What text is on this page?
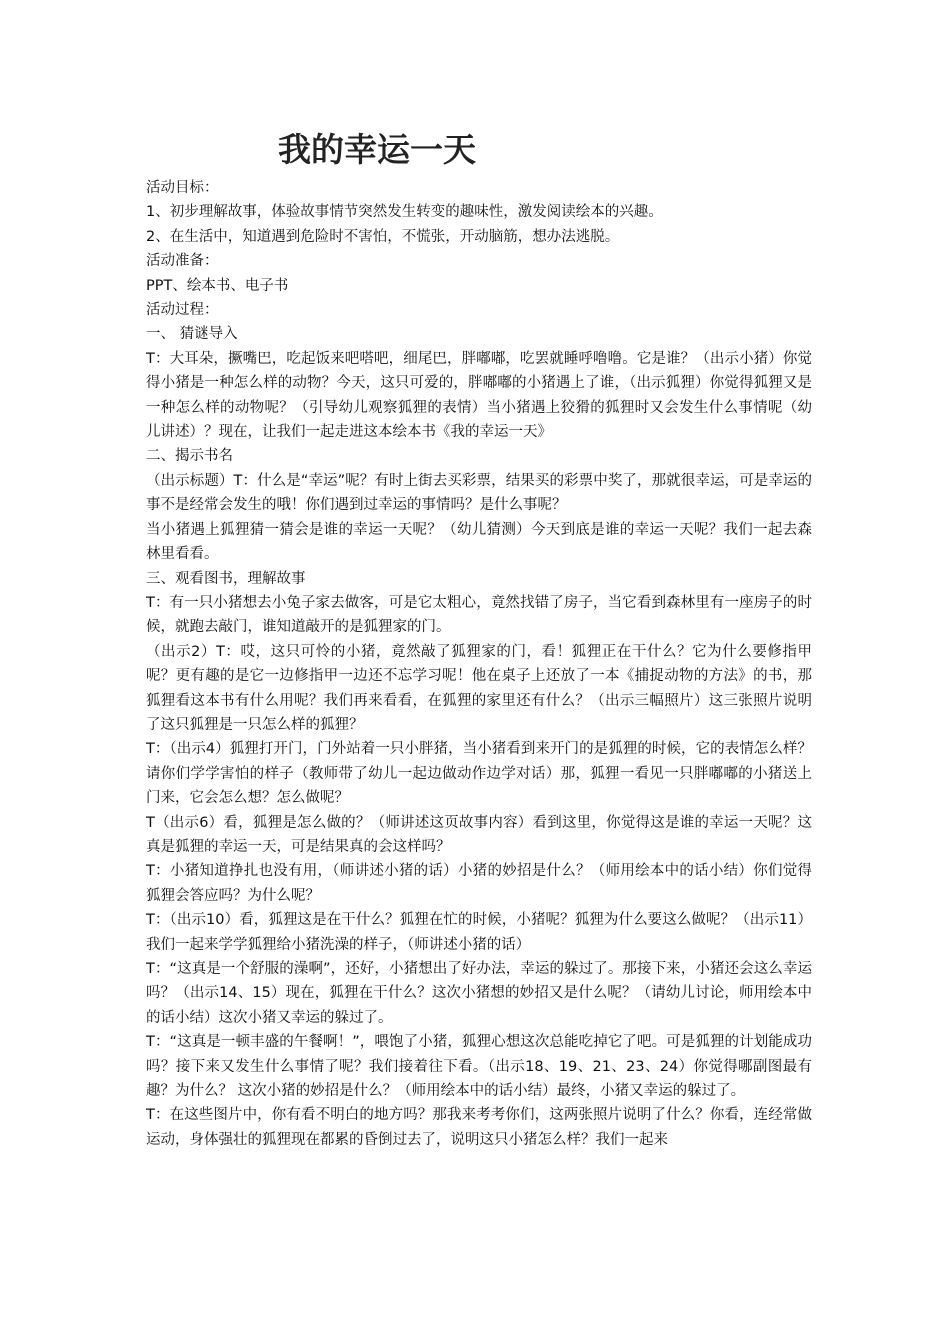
我的幸运一天

活动目标：

1、初步理解故事，体验故事情节突然发生转变的趣味性，激发阅读绘本的兴趣。

2、在生活中，知道遇到危险时不害怕，不慌张，开动脑筋，想办法逃脱。

活动准备：

PPT、绘本书、电子书

活动过程：

一、 猜谜导入

T：大耳朵，撅嘴巴，吃起饭来吧嗒吧，细尾巴，胖嘟嘟，吃罢就睡呼噜噜。它是谁？（出示小猪）你觉得小猪是一种怎么样的动物？今天，这只可爱的，胖嘟嘟的小猪遇上了谁，（出示狐狸）你觉得狐狸又是一种怎么样的动物呢？（引导幼儿观察狐狸的表情）当小猪遇上狡猾的狐狸时又会发生什么事情呢（幼儿讲述）？现在，让我们一起走进这本绘本书《我的幸运一天》

二、揭示书名

（出示标题）T：什么是“幸运”呢？有时上街去买彩票，结果买的彩票中奖了，那就很幸运，可是幸运的事不是经常会发生的哦！你们遇到过幸运的事情吗？是什么事呢？

当小猪遇上狐狸猜一猜会是谁的幸运一天呢？（幼儿猜测）今天到底是谁的幸运一天呢？我们一起去森林里看看。

三、观看图书，理解故事

T：有一只小猪想去小兔子家去做客，可是它太粗心，竟然找错了房子，当它看到森林里有一座房子的时候，就跑去敲门，谁知道敲开的是狐狸家的门。

（出示2）T：哎，这只可怜的小猪，竟然敲了狐狸家的门，看！狐狸正在干什么？它为什么要修指甲呢？更有趣的是它一边修指甲一边还不忘学习呢！他在桌子上还放了一本《捕捉动物的方法》的书，那狐狸看这本书有什么用呢？我们再来看看，在狐狸的家里还有什么？（出示三幅照片）这三张照片说明了这只狐狸是一只怎么样的狐狸？

T：（出示4）狐狸打开门，门外站着一只小胖猪，当小猪看到来开门的是狐狸的时候，它的表情怎么样？请你们学学害怕的样子（教师带了幼儿一起边做动作边学对话）那，狐狸一看见一只胖嘟嘟的小猪送上门来，它会怎么想？怎么做呢？

T（出示6）看，狐狸是怎么做的？（师讲述这页故事内容）看到这里，你觉得这是谁的幸运一天呢？这真是狐狸的幸运一天，可是结果真的会这样吗？

T：小猪知道挣扎也没有用，（师讲述小猪的话）小猪的妙招是什么？（师用绘本中的话小结）你们觉得狐狸会答应吗？为什么呢？

T：（出示10）看，狐狸这是在干什么？狐狸在忙的时候，小猪呢？狐狸为什么要这么做呢？（出示11）我们一起来学学狐狸给小猪洗澡的样子，（师讲述小猪的话）

T：“这真是一个舒服的澡啊”，还好，小猪想出了好办法，幸运的躲过了。那接下来，小猪还会这么幸运吗？（出示14、15）现在，狐狸在干什么？这次小猪想的妙招又是什么呢？（请幼儿讨论，师用绘本中的话小结）这次小猪又幸运的躲过了。

T：“这真是一顿丰盛的午餐啊！”，喂饱了小猪，狐狸心想这次总能吃掉它了吧。可是狐狸的计划能成功吗？接下来又发生什么事情了呢？我们接着往下看。（出示18、19、21、23、24）你觉得哪副图最有趣？为什么？ 这次小猪的妙招是什么？（师用绘本中的话小结）最终，小猪又幸运的躲过了。

T：在这些图片中，你有看不明白的地方吗？那我来考考你们，这两张照片说明了什么？你看，连经常做运动，身体强壮的狐狸现在都累的昏倒过去了，说明这只小猪怎么样？我们一起来
